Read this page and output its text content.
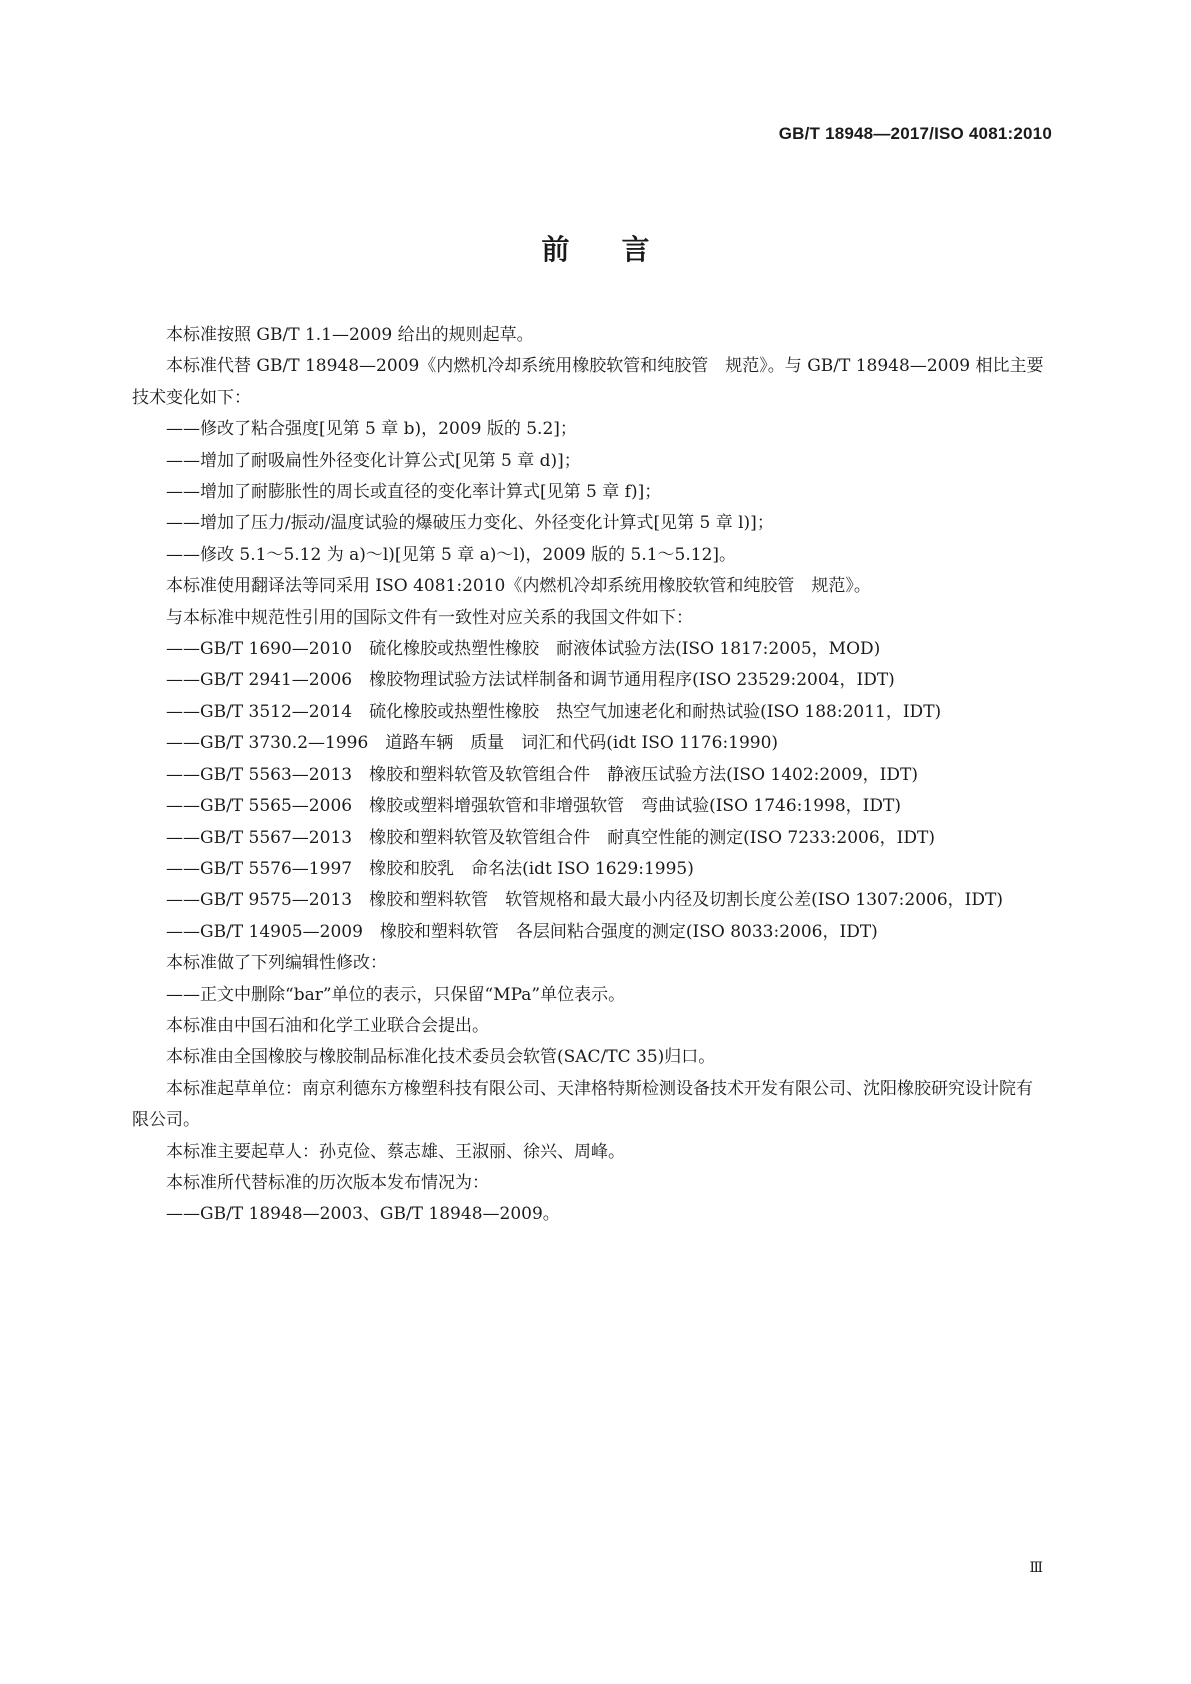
GB/T 18948—2017/ISO 4081:2010
前言

本标准按照 GB/T 1.1—2009 给出的规则起草。

本标准代替 GB/T 18948—2009《内燃机冷却系统用橡胶软管和纯胶管　规范》。与 GB/T 18948—2009 相比主要技术变化如下：

——修改了粘合强度[见第 5 章 b)，2009 版的 5.2]；

——增加了耐吸扁性外径变化计算公式[见第 5 章 d)]；

——增加了耐膨胀性的周长或直径的变化率计算式[见第 5 章 f)]；

——增加了压力/振动/温度试验的爆破压力变化、外径变化计算式[见第 5 章 l)]；

——修改 5.1～5.12 为 a)～l)[见第 5 章 a)～l)，2009 版的 5.1～5.12]。

本标准使用翻译法等同采用 ISO 4081:2010《内燃机冷却系统用橡胶软管和纯胶管　规范》。

与本标准中规范性引用的国际文件有一致性对应关系的我国文件如下：

——GB/T 1690—2010　硫化橡胶或热塑性橡胶　耐液体试验方法(ISO 1817:2005，MOD)

——GB/T 2941—2006　橡胶物理试验方法试样制备和调节通用程序(ISO 23529:2004，IDT)

——GB/T 3512—2014　硫化橡胶或热塑性橡胶　热空气加速老化和耐热试验(ISO 188:2011，IDT)

——GB/T 3730.2—1996　道路车辆　质量　词汇和代码(idt ISO 1176:1990)

——GB/T 5563—2013　橡胶和塑料软管及软管组合件　静液压试验方法(ISO 1402:2009，IDT)

——GB/T 5565—2006　橡胶或塑料增强软管和非增强软管　弯曲试验(ISO 1746:1998，IDT)

——GB/T 5567—2013　橡胶和塑料软管及软管组合件　耐真空性能的测定(ISO 7233:2006，IDT)

——GB/T 5576—1997　橡胶和胶乳　命名法(idt ISO 1629:1995)

——GB/T 9575—2013　橡胶和塑料软管　软管规格和最大最小内径及切割长度公差(ISO 1307:2006，IDT)

——GB/T 14905—2009　橡胶和塑料软管　各层间粘合强度的测定(ISO 8033:2006，IDT)

本标准做了下列编辑性修改：

——正文中删除“bar”单位的表示，只保留“MPa”单位表示。

本标准由中国石油和化学工业联合会提出。

本标准由全国橡胶与橡胶制品标准化技术委员会软管(SAC/TC 35)归口。

本标准起草单位：南京利德东方橡塑科技有限公司、天津格特斯检测设备技术开发有限公司、沈阳橡胶研究设计院有限公司。

本标准主要起草人：孙克俭、蔡志雄、王淑丽、徐兴、周峰。

本标准所代替标准的历次版本发布情况为：

——GB/T 18948—2003、GB/T 18948—2009。

Ⅲ
